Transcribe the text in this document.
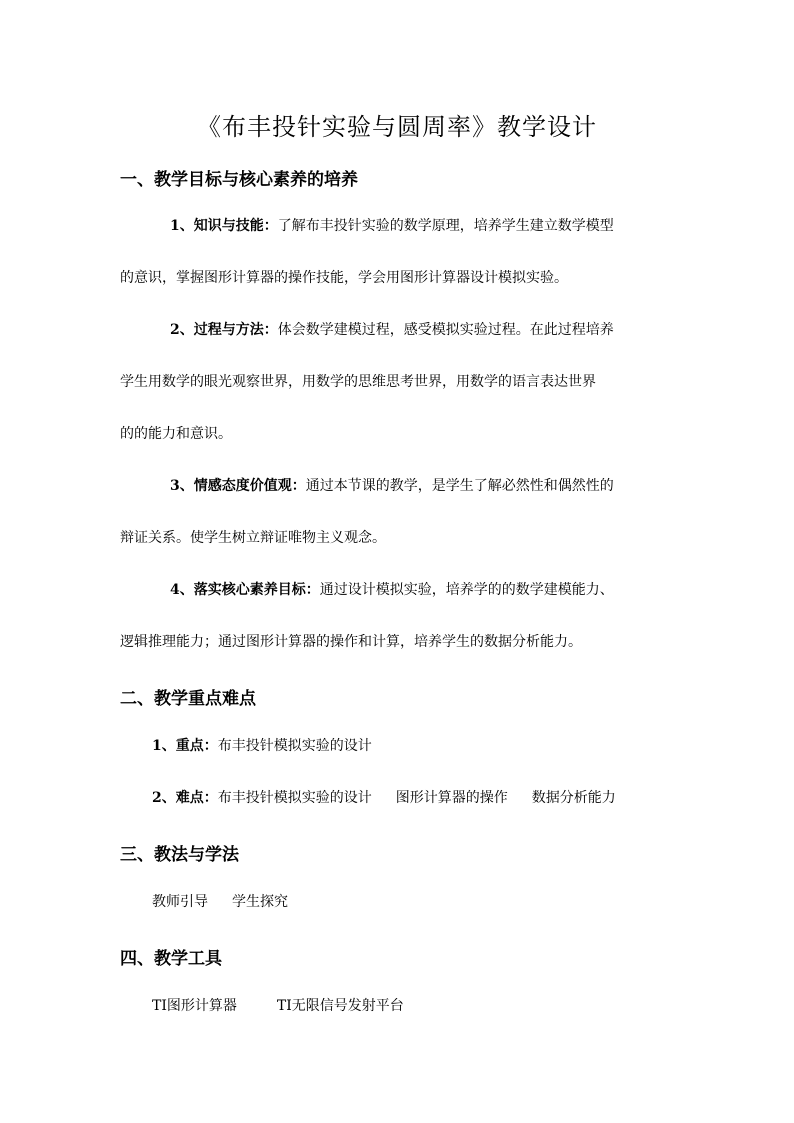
《布丰投针实验与圆周率》教学设计
一、教学目标与核心素养的培养
1、知识与技能：了解布丰投针实验的数学原理，培养学生建立数学模型
的意识，掌握图形计算器的操作技能，学会用图形计算器设计模拟实验。
2、过程与方法：体会数学建模过程，感受模拟实验过程。在此过程培养
学生用数学的眼光观察世界，用数学的思维思考世界，用数学的语言表达世界
的的能力和意识。
3、情感态度价值观：通过本节课的教学，是学生了解必然性和偶然性的
辩证关系。使学生树立辩证唯物主义观念。
4、落实核心素养目标：通过设计模拟实验，培养学的的数学建模能力、
逻辑推理能力；通过图形计算器的操作和计算，培养学生的数据分析能力。
二、教学重点难点
1、重点：布丰投针模拟实验的设计
2、难点：布丰投针模拟实验的设计 图形计算器的操作 数据分析能力
三、教法与学法
教师引导 学生探究
四、教学工具
TI图形计算器	TI无限信号发射平台
